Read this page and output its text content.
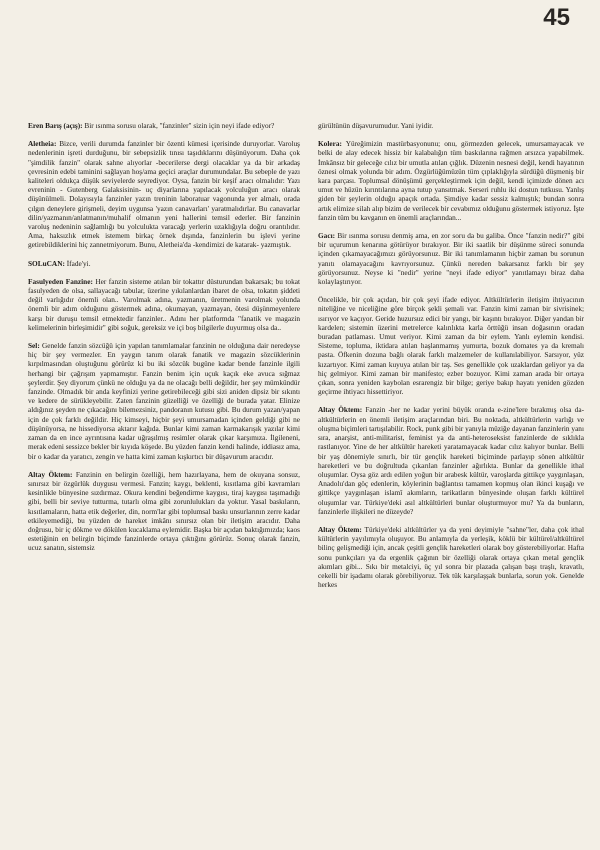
45

Eren Barış (açış): Bir ısınma sorusu olarak, "fanzinler" sizin için neyi ifade ediyor?

Aletheia: Bizce, verili durumda fanzinler bir özenti kümesi içerisinde duruyorlar. Varoluş nedenlerinin işreti durduğunu, bir sebepsizlik tınısı taşıdıklarını düşünüyorum. Daha çok "şimdilik fanzin" olarak sahne alıyorlar -becerilerse dergi olacaklar ya da bir arkadaş çevresinin edebi taminini sağlayan hoş/ama geçici araçlar durumundalar. Bu sebeple de yazı kaliteleri oldukça düşük seviyelerde seyrediyor. Oysa, fanzin bir keşif aracı olmalıdır: Yazı evreninin - Gutenberg Galaksisinin- uç diyarlarına yapılacak yolculuğun aracı olarak düşünülmeli. Dolayısıyla fanzinler yazın treninin laboratuar vagonunda yer almalı, orada çılgın deneylere girişmeli, deyim uygunsa 'yazın canavarları' yaratmalıdırlar. Bu canavarlar dilin/yazmanın/anlatmanın/muhalif olmanın yeni hallerini temsil ederler. Bir fanzinin varoluş nedeninin sağlamlığı bu yolculukta varacağı yerlerin uzaklığıyla doğru orantılıdır. Ama, haksızlık etmek istemem birkaç örnek dışında, fanzinlerin bu işlevi yerine getirebildiklerini hiç zannetmiyorum. Bunu, Aletheia'da -kendimizi de katarak- yazmıştık.

SOLuCAN: İfade'yi.

Fasulyeden Fanzine: Her fanzin sisteme atılan bir tokattır düsturundan bakarsak; bu tokat fasulyeden de olsa, sallayacağı tabular, üzerine yıkılanlardan ibaret de olsa, tokatın şiddeti değil varlığıdır önemli olan.. Varolmak adına, yazmanın, üretmenin varolmak yolunda önemli bir adım olduğunu göstermek adına, okumayan, yazmayan, ötesi düşünmeyenlere karşı bir duruşu temsil etmektedir fanzinler.. Adını her platformda "fanatik ve magazin kelimelerinin birleşimidir" gibi soğuk, gereksiz ve içi boş bilgilerle duyurmuş olsa da..

Sel: Genelde fanzin sözcüğü için yapılan tanımlamalar fanzinin ne olduğuna dair neredeyse hiç bir şey vermezler. En yaygın tanım olarak fanatik ve magazin sözcüklerinin kırpılmasından oluştuğunu görürüz ki bu iki sözcük bugüne kadar bende fanzinle ilgili herhangi bir çağrışım yapmamıştır. Fanzin benim için uçuk kaçık eke avuca sığmaz şeylerdir. Şey diyorum çünkü ne olduğu ya da ne olacağı belli değildir, her şey mümkündür fanzinde. Olmadık bir anda keyfinizi yerine getirebileceği gibi sizi aniden dipsiz bir sıkıntı ve kedere de sürükleyebilir. Zaten fanzinin güzelliği ve özelliği de burada yatar. Elinize aldığınız şeyden ne çıkacağını bilemezsiniz, pandoranın kutusu gibi. Bu durum yazan/yapan için de çok farklı değildir. Hiç kimseyi, hiçbir şeyi umursamadan içinden geldiği gibi ne düşünüyorsa, ne hissediyorsa aktarır kağıda. Bunlar kimi zaman karmakarışık yazılar kimi zaman da en ince ayrıntısına kadar uğraşılmış resimler olarak çıkar karşımıza. İlgileneni, merak edeni sessizce bekler bir kıyıda köşede. Bu yüzden fanzin kendi halinde, iddiasız ama, bir o kadar da yaratıcı, zengin ve hatta kimi zaman kışkırtıcı bir düşavurum aracıdır.

Altay Öktem: Fanzinin en belirgin özelliği, hem hazırlayana, hem de okuyana sonsuz, sınırsız bir özgürlük duygusu vermesi. Fanzin; kaygı, beklenti, kısıtlama gibi kavramları kesinlikle bünyesine sızdırmaz. Okura kendini beğendirme kaygısı, tiraj kaygısı taşımadığı gibi, belli bir seviye tutturma, tutarlı olma gibi zorunlulukları da yoktur. Yasal baskıların, kısıtlamaların, hatta etik değerler, din, norm'lar gibi toplumsal baskı unsurlarının zerre kadar etkileyemediği, bu yüzden de hareket imkânı sınırsız olan bir iletişim aracıdır. Daha doğrusu, bir iç dökme ve dökülen kucaklama eylemidir. Başka bir açıdan baktığımızda; kaos estetiğinin en belirgin biçimde fanzinlerde ortaya çıktığını görürüz. Sonuç olarak fanzin, ucuz sanatın, sistemsiz

gürültünün düşavurumudur. Yani iyidir.

Kolera: Yüreğimizin mastürbasyonunu; onu, görmezden gelecek, umursamayacak ve belki de alay edecek hissiz bir kalabalığın tüm baskılarına rağmen arsızca yapabilmek. İmkânsız bir geleceğe cılız bir umutla atılan çığlık. Düzenin nesnesi değil, kendi hayatının öznesi olmak yolunda bir adım. Özgürlüğümüzün tüm çıplaklığıyla sürdüğü düşmeniş bir kara parçası. Toplumsal dönüşümü gerçekleştirmek için değil, kendi içimizde dönen acı umut ve hüzün kırıntılarına ayna tutup yansıtmak. Serseri ruhlu iki dostun tutkusu. Yanlış giden bir şeylerin olduğu apaçık ortada. Şimdiye kadar sessiz kalmıştık; bundan sonra artık elimize silah alıp bizim de verilecek bir cevabımız olduğunu göstermek istiyoruz. İşte fanzin tüm bu kavganın en önemli araçlarından...

Gacı: Bir ısınma sorusu denmiş ama, en zor soru da bu galiba. Önce "fanzin nedir?" gibi bir uçurumun kenarına götürüyor bırakıyor. Bir iki saatlik bir düşünme süreci sonunda içinden çıkamayacağımızı görüyorsunuz. Bir iki tanımlamanın hiçbir zaman bu sorunun yanıtı olamayacağını kavrıyorsunuz. Çünkü nereden bakarsanız farklı bir şey görüyorsunuz. Neyse ki "nedir" yerine "neyi ifade ediyor" yanıtlamayı biraz daha kolaylaştırıyor.

Öncelikle, bir çok açıdan, bir çok şeyi ifade ediyor. Altkültürlerin iletişim ihtiyacının niteliğine ve niceliğine göre birçok şekli şemali var. Fanzin kimi zaman bir sivrisinek; ısırıyor ve kaçıyor. Geride huzursuz edici bir yangı, bir kaşıntı bırakıyor. Diğer yandan bir kardelen; sistemin üzerini metrelerce kalınlıkta karla örttüğü insan doğasının oradan buradan patlaması. Umut veriyor. Kimi zaman da bir eylem. Yanlı eylemin kendisi. Sisteme, topluma, iktidara atılan haşlanmamış yumurta, bozuk domates ya da kremalı pasta. Öfkenin dozuna bağlı olarak farklı malzemeler de kullanılabiliyor. Sarsıyor, yüz kızartıyor. Kimi zaman kuyuya atılan bir taş. Ses genellikle çok uzaklardan geliyor ya da hiç gelmiyor. Kimi zaman bir manifesto; ezber bozuyor. Kimi zaman arada bir ortaya çıkan, sonra yeniden kaybolan esrarengiz bir bilge; geriye bakıp hayatı yeniden gözden geçirme ihtiyacı hissettiriyor.

Altay Öktem: Fanzin -her ne kadar yerini büyük oranda e-zine'lere bırakmış olsa da- altkültürlerin en önemli iletişim araçlarından biri. Bu noktada, altkültürlerin varlığı ve oluşma biçimleri tartışılabilir. Rock, punk gibi bir yanıyla müziğe dayanan fanzinlerin yanı sıra, anarşist, anti-militarist, feminist ya da anti-heteroseksist fanzinlerde de sıklıkla rastlanıyor. Yine de her altkültür hareketi yaratamayacak kadar cılız kalıyor bunlar. Belli bir yaş dönemiyle sınırlı, bir tür gençlik hareketi biçiminde parlayıp sönen altkültür hareketleri ve bu doğrultuda çıkarılan fanzinler ağırlıkta. Bunlar da genellikle ithal oluşumlar. Oysa göz ardı edilen yoğun bir arabesk kültür, varoşlarda gittikçe yaygınlaşan, Anadolu'dan göç edenlerin, köylerinin bağlantısı tamamen kopmuş olan ikinci kuşağı ve gittikçe yaygınlaşan islamî akımların, tarikatların bünyesinde oluşan farklı kültürel oluşumlar var. Türkiye'deki asıl altkültürleri bunlar oluşturmuyor mu? Ya da bunların, fanzinlerle ilişkileri ne düzeyde?

Altay Öktem: Türkiye'deki altkültürler ya da yeni deyimiyle "sahne"ler, daha çok ithal kültürlerin yayılımıyla oluşuyor. Bu anlamıyla da yerleşik, köklü bir kültürel/altkültürel bilinç gelişmediği için, ancak çeşitli gençlik hareketleri olarak boy gösterebiliyorlar. Hafta sonu punkçıları ya da ergenlik çağının bir özelliği olarak ortaya çıkan metal gençlik akımları gibi... Sıkı bir metalciyi, üç yıl sonra bir plazada çalışan başı traşlı, kravatlı, cekelli bir işadamı olarak görebiliyoruz. Tek tük karşılaşşak bunlarla, sorun yok. Genelde herkes
